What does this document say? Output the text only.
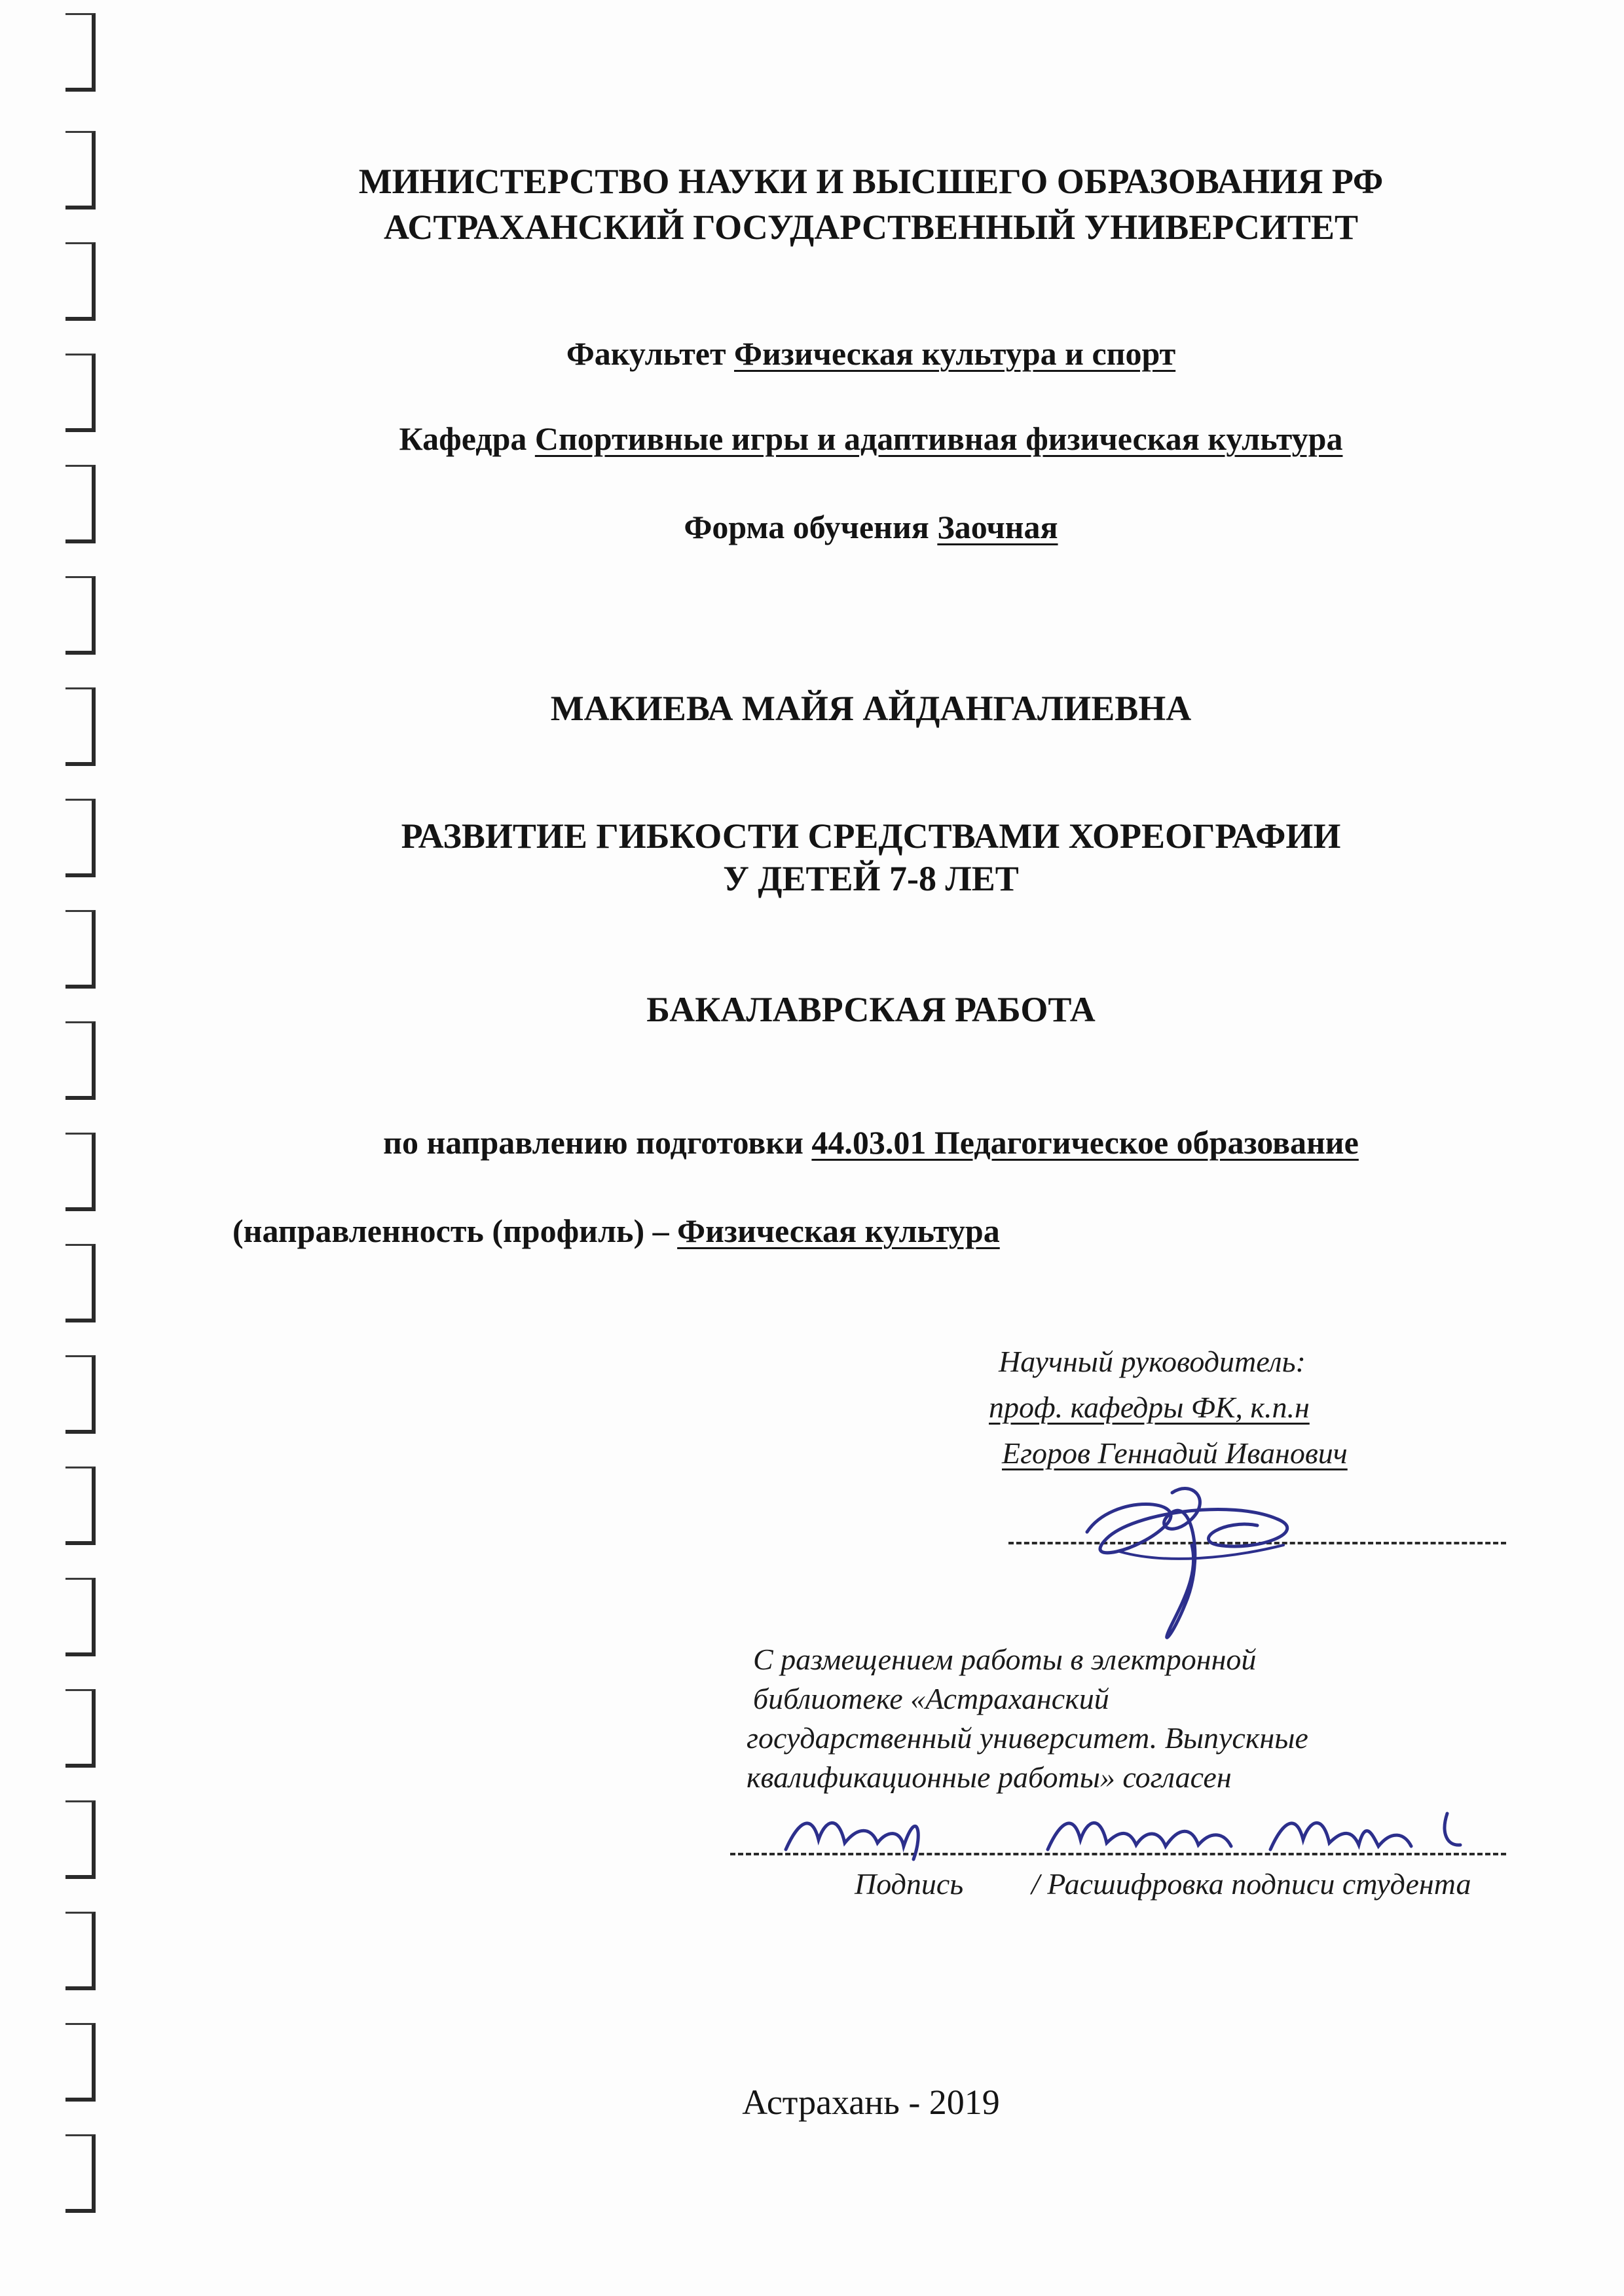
МИНИСТЕРСТВО НАУКИ И ВЫСШЕГО ОБРАЗОВАНИЯ РФ
АСТРАХАНСКИЙ ГОСУДАРСТВЕННЫЙ УНИВЕРСИТЕТ
Факультет Физическая культура и спорт
Кафедра Спортивные игры и адаптивная физическая культура
Форма обучения Заочная
МАКИЕВА МАЙЯ АЙДАНГАЛИЕВНА
РАЗВИТИЕ ГИБКОСТИ СРЕДСТВАМИ ХОРЕОГРАФИИ
У ДЕТЕЙ 7-8 ЛЕТ
БАКАЛАВРСКАЯ РАБОТА
по направлению подготовки 44.03.01 Педагогическое образование
(направленность (профиль) – Физическая культура
Научный руководитель:
проф. кафедры ФК, к.п.н
Егоров Геннадий Иванович
С размещением работы в электронной
библиотеке «Астраханский
государственный университет. Выпускные
квалификационные работы» согласен
Подпись / Расшифровка подписи студента
Астрахань - 2019
